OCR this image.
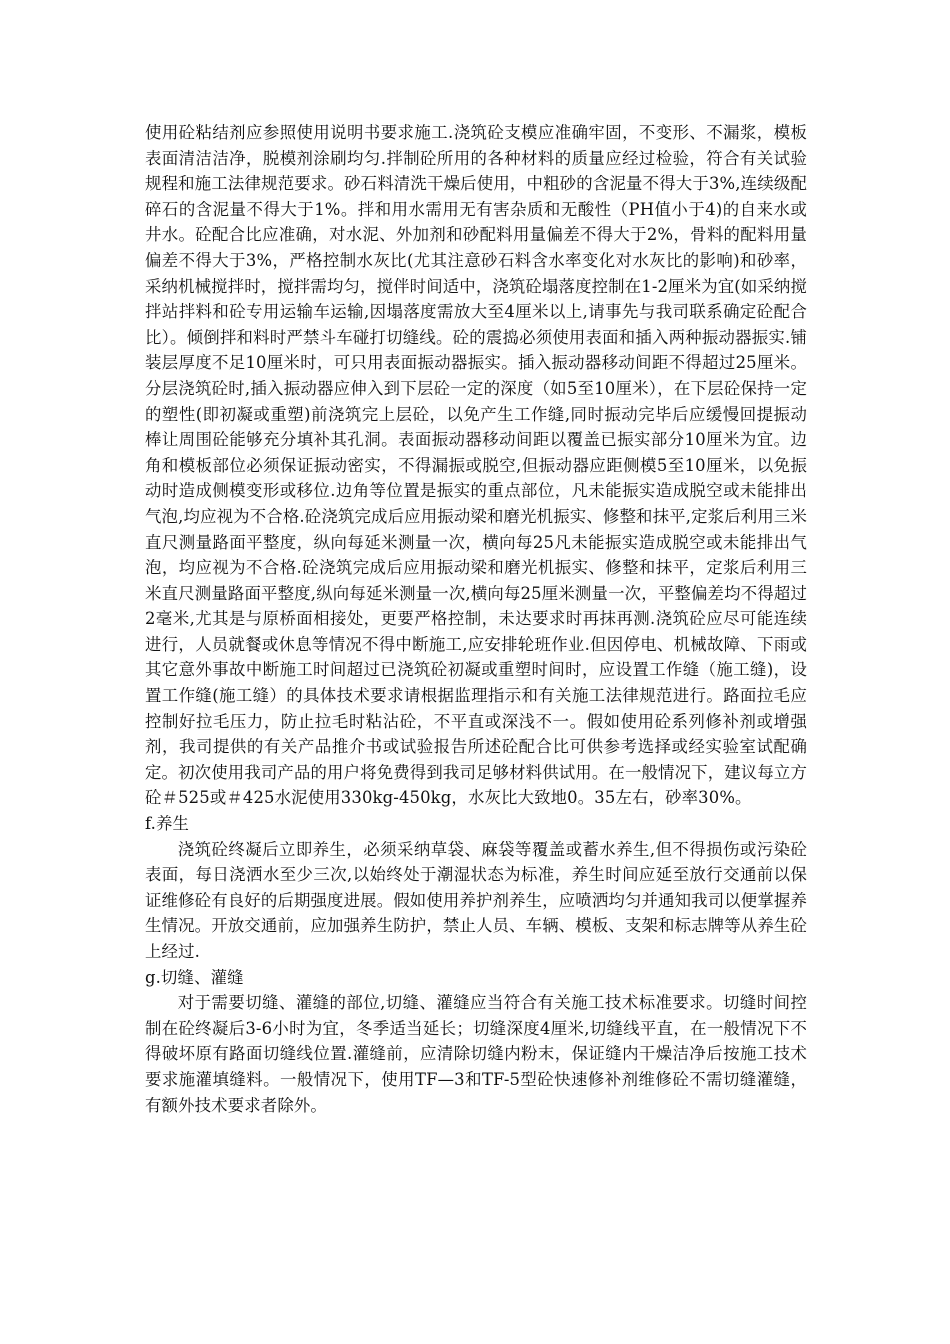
使用砼粘结剂应参照使用说明书要求施工.浇筑砼支模应准确牢固，不变形、不漏浆，模板表面清洁洁净，脱模剂涂刷均匀.拌制砼所用的各种材料的质量应经过检验，符合有关试验规程和施工法律规范要求。砂石料清洗干燥后使用，中粗砂的含泥量不得大于3%,连续级配碎石的含泥量不得大于1%。拌和用水需用无有害杂质和无酸性（PH值小于4)的自来水或井水。砼配合比应准确，对水泥、外加剂和砂配料用量偏差不得大于2%，骨料的配料用量偏差不得大于3%，严格控制水灰比(尤其注意砂石料含水率变化对水灰比的影响)和砂率，采纳机械搅拌时，搅拌需均匀，搅伴时间适中，浇筑砼塌落度控制在1-2厘米为宜(如采纳搅拌站拌料和砼专用运输车运输,因塌落度需放大至4厘米以上,请事先与我司联系确定砼配合比）。倾倒拌和料时严禁斗车碰打切缝线。砼的震捣必须使用表面和插入两种振动器振实.铺装层厚度不足10厘米时，可只用表面振动器振实。插入振动器移动间距不得超过25厘米。分层浇筑砼时,插入振动器应伸入到下层砼一定的深度（如5至10厘米），在下层砼保持一定的塑性(即初凝或重塑)前浇筑完上层砼，以免产生工作缝,同时振动完毕后应缓慢回提振动棒让周围砼能够充分填补其孔洞。表面振动器移动间距以覆盖已振实部分10厘米为宜。边角和模板部位必须保证振动密实，不得漏振或脱空,但振动器应距侧模5至10厘米，以免振动时造成侧模变形或移位.边角等位置是振实的重点部位，凡未能振实造成脱空或未能排出气泡,均应视为不合格.砼浇筑完成后应用振动梁和磨光机振实、修整和抹平,定浆后利用三米直尺测量路面平整度，纵向每延米测量一次，横向每25凡未能振实造成脱空或未能排出气泡，均应视为不合格.砼浇筑完成后应用振动梁和磨光机振实、修整和抹平，定浆后利用三米直尺测量路面平整度,纵向每延米测量一次,横向每25厘米测量一次，平整偏差均不得超过2毫米,尤其是与原桥面相接处，更要严格控制，未达要求时再抹再测.浇筑砼应尽可能连续进行，人员就餐或休息等情况不得中断施工,应安排轮班作业.但因停电、机械故障、下雨或其它意外事故中断施工时间超过已浇筑砼初凝或重塑时间时，应设置工作缝（施工缝)，设置工作缝(施工缝）的具体技术要求请根据监理指示和有关施工法律规范进行。路面拉毛应控制好拉毛压力，防止拉毛时粘沾砼，不平直或深浅不一。假如使用砼系列修补剂或增强剂，我司提供的有关产品推介书或试验报告所述砼配合比可供参考选择或经实验室试配确定。初次使用我司产品的用户将免费得到我司足够材料供试用。在一般情况下，建议每立方砼＃525或＃425水泥使用330kg-450kg，水灰比大致地0。35左右，砂率30%。

f.养生

浇筑砼终凝后立即养生，必须采纳草袋、麻袋等覆盖或蓄水养生,但不得损伤或污染砼表面，每日浇洒水至少三次,以始终处于潮湿状态为标准，养生时间应延至放行交通前以保证维修砼有良好的后期强度进展。假如使用养护剂养生，应喷洒均匀并通知我司以便掌握养生情况。开放交通前，应加强养生防护，禁止人员、车辆、模板、支架和标志牌等从养生砼上经过.

g.切缝、灌缝

对于需要切缝、灌缝的部位,切缝、灌缝应当符合有关施工技术标准要求。切缝时间控制在砼终凝后3-6小时为宜，冬季适当延长；切缝深度4厘米,切缝线平直，在一般情况下不得破坏原有路面切缝线位置.灌缝前，应清除切缝内粉末，保证缝内干燥洁净后按施工技术要求施灌填缝料。一般情况下，使用TF—3和TF-5型砼快速修补剂维修砼不需切缝灌缝，有额外技术要求者除外。
